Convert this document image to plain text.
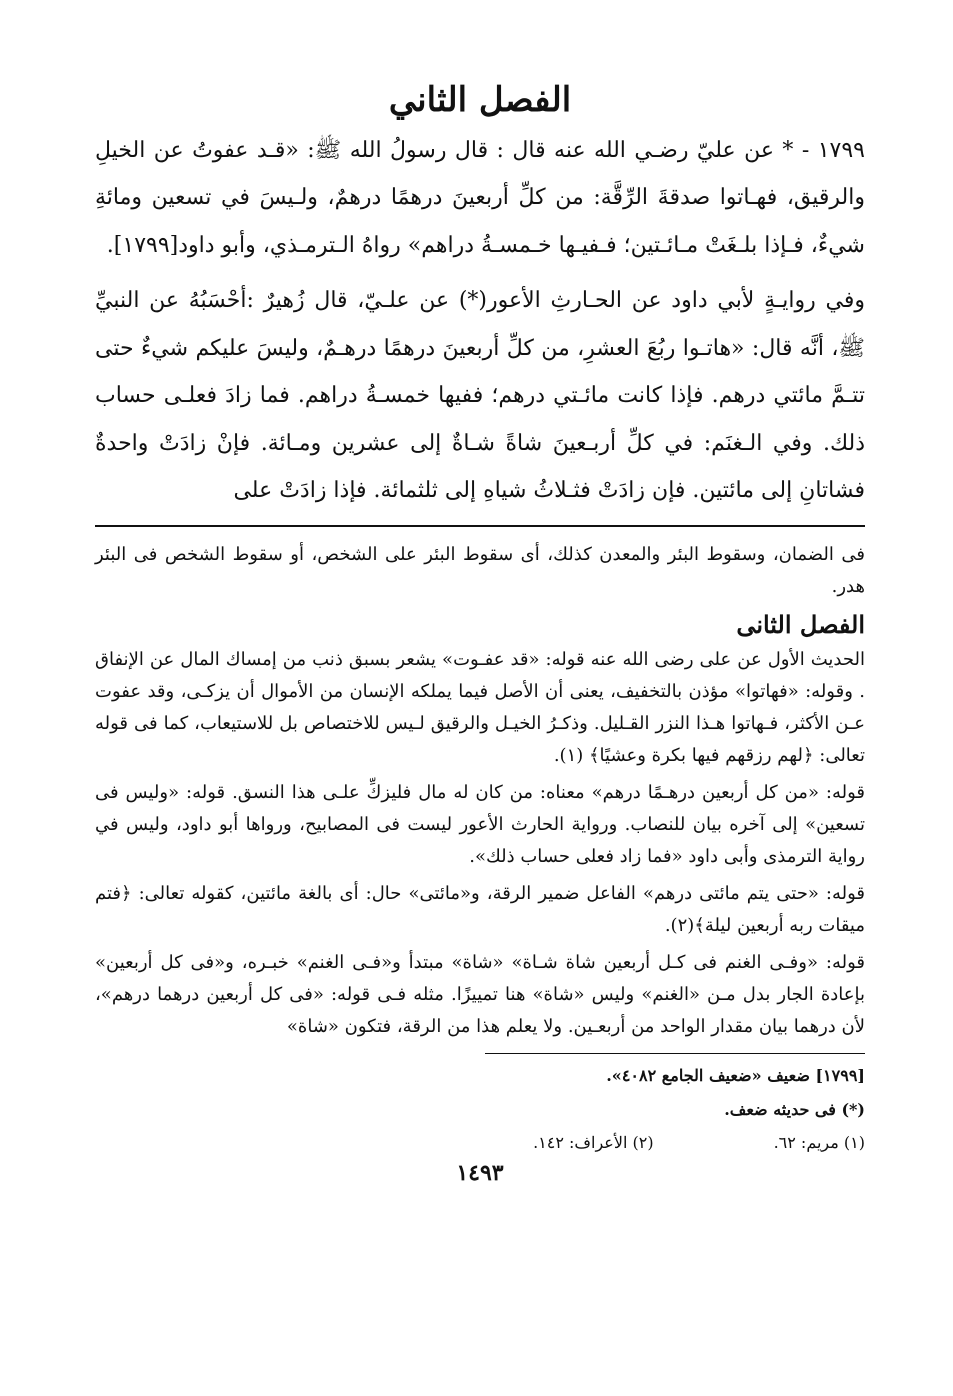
الفصل الثاني

١٧٩٩ - * عن عليّ رضـي الله عنه قال : قال رسولُ الله ﷺ: «قـد عفوتُ عن الخيلِ والرقيق، فهـاتوا صدقةَ الرِّقَّة: من كلِّ أربعينَ درهمًا درهمٌ، ولـيسَ في تسعين ومائةِ شيءٌ، فـإذا بلـغَتْ مـائـتين؛ فـفيـها خـمسـةُ دراهم» رواهُ الـترمـذي، وأبو داود[١٧٩٩].

وفي روايـةٍ لأبي داود عن الحـارثِ الأعور(*) عن علـيّ، قال زُهيرٌ :أحْسَبُهُ عن النبيِّ ﷺ، أنَّه قال: «هاتـوا ربُعَ العشرِ، من كلِّ أربعينَ درهمًا درهـمٌ، وليسَ عليكم شيءٌ حتى تتـمَّ مائتي درهم. فإذا كانت مائـتي درهم؛ ففيها خمسـةُ دراهم. فما زادَ فعلـى حساب ذلك. وفي الـغنَم: في كلِّ أربـعينَ شاةً شـاةٌ إلى عشرين ومـائة. فإنْ زادَتْ واحدةٌ فشاتانِ إلى مائتين. فإن زادَتْ فثـلاثُ شياهِ إلى ثلثمائة. فإذا زادَتْ على

فى الضمان، وسقوط البئر والمعدن كذلك، أى سقوط البئر على الشخص، أو سقوط الشخص فى البئر هدر.

الفصل الثانى

الحديث الأول عن على رضى الله عنه قوله: «قد عفـوت» يشعر بسبق ذنب من إمساك المال عن الإنفاق . وقوله: «فهاتوا» مؤذن بالتخفيف، يعنى أن الأصل فيما يملكه الإنسان من الأموال أن يزكـى، وقد عفوت عـن الأكثر، فـهاتوا هـذا النزر القـليل. وذكـرُ الخيـل والرقيق لـيس للاختصاص بل للاستيعاب، كما فى قوله تعالى: ﴿لهم رزقهم فيها بكرة وعشيًا﴾ (١).

قوله: «من كل أربعين درهـمًا درهم» معناه: من كان له مال فليزكِّ علـى هذا النسق. قوله: «وليس فى تسعين» إلى آخره بيان للنصاب. ورواية الحارث الأعور ليست فى المصابيح، ورواها أبو داود، وليس في رواية الترمذى وأبى داود «فما زاد فعلى حساب ذلك».

قوله: «حتى يتم مائتى درهم» الفاعل ضمير الرقة، و«مائتى» حال: أى بالغة مائتين، كقوله تعالى: ﴿فتم ميقات ربه أربعين ليلة﴾(٢).

قوله: «وفـى الغنم فى كـل أربعين شاة شـاة» «شاة» مبتدأ و«فـى الغنم» خبـره، و«فى كل أربعين» بإعادة الجار بدل مـن «الغنم» وليس «شاة» هنا تمييزًا. مثله فـى قوله: «فى كل أربعين درهما درهم»، لأن درهما بيان مقدار الواحد من أربعـين. ولا يعلم هذا من الرقة، فتكون «شاة»

[١٧٩٩] ضعيف «ضعيف الجامع ٤٠٨٢».

(*) فى حديثه ضعف.

(١) مريم: ٦٢.
(٢) الأعراف: ١٤٢.
١٤٩٣
